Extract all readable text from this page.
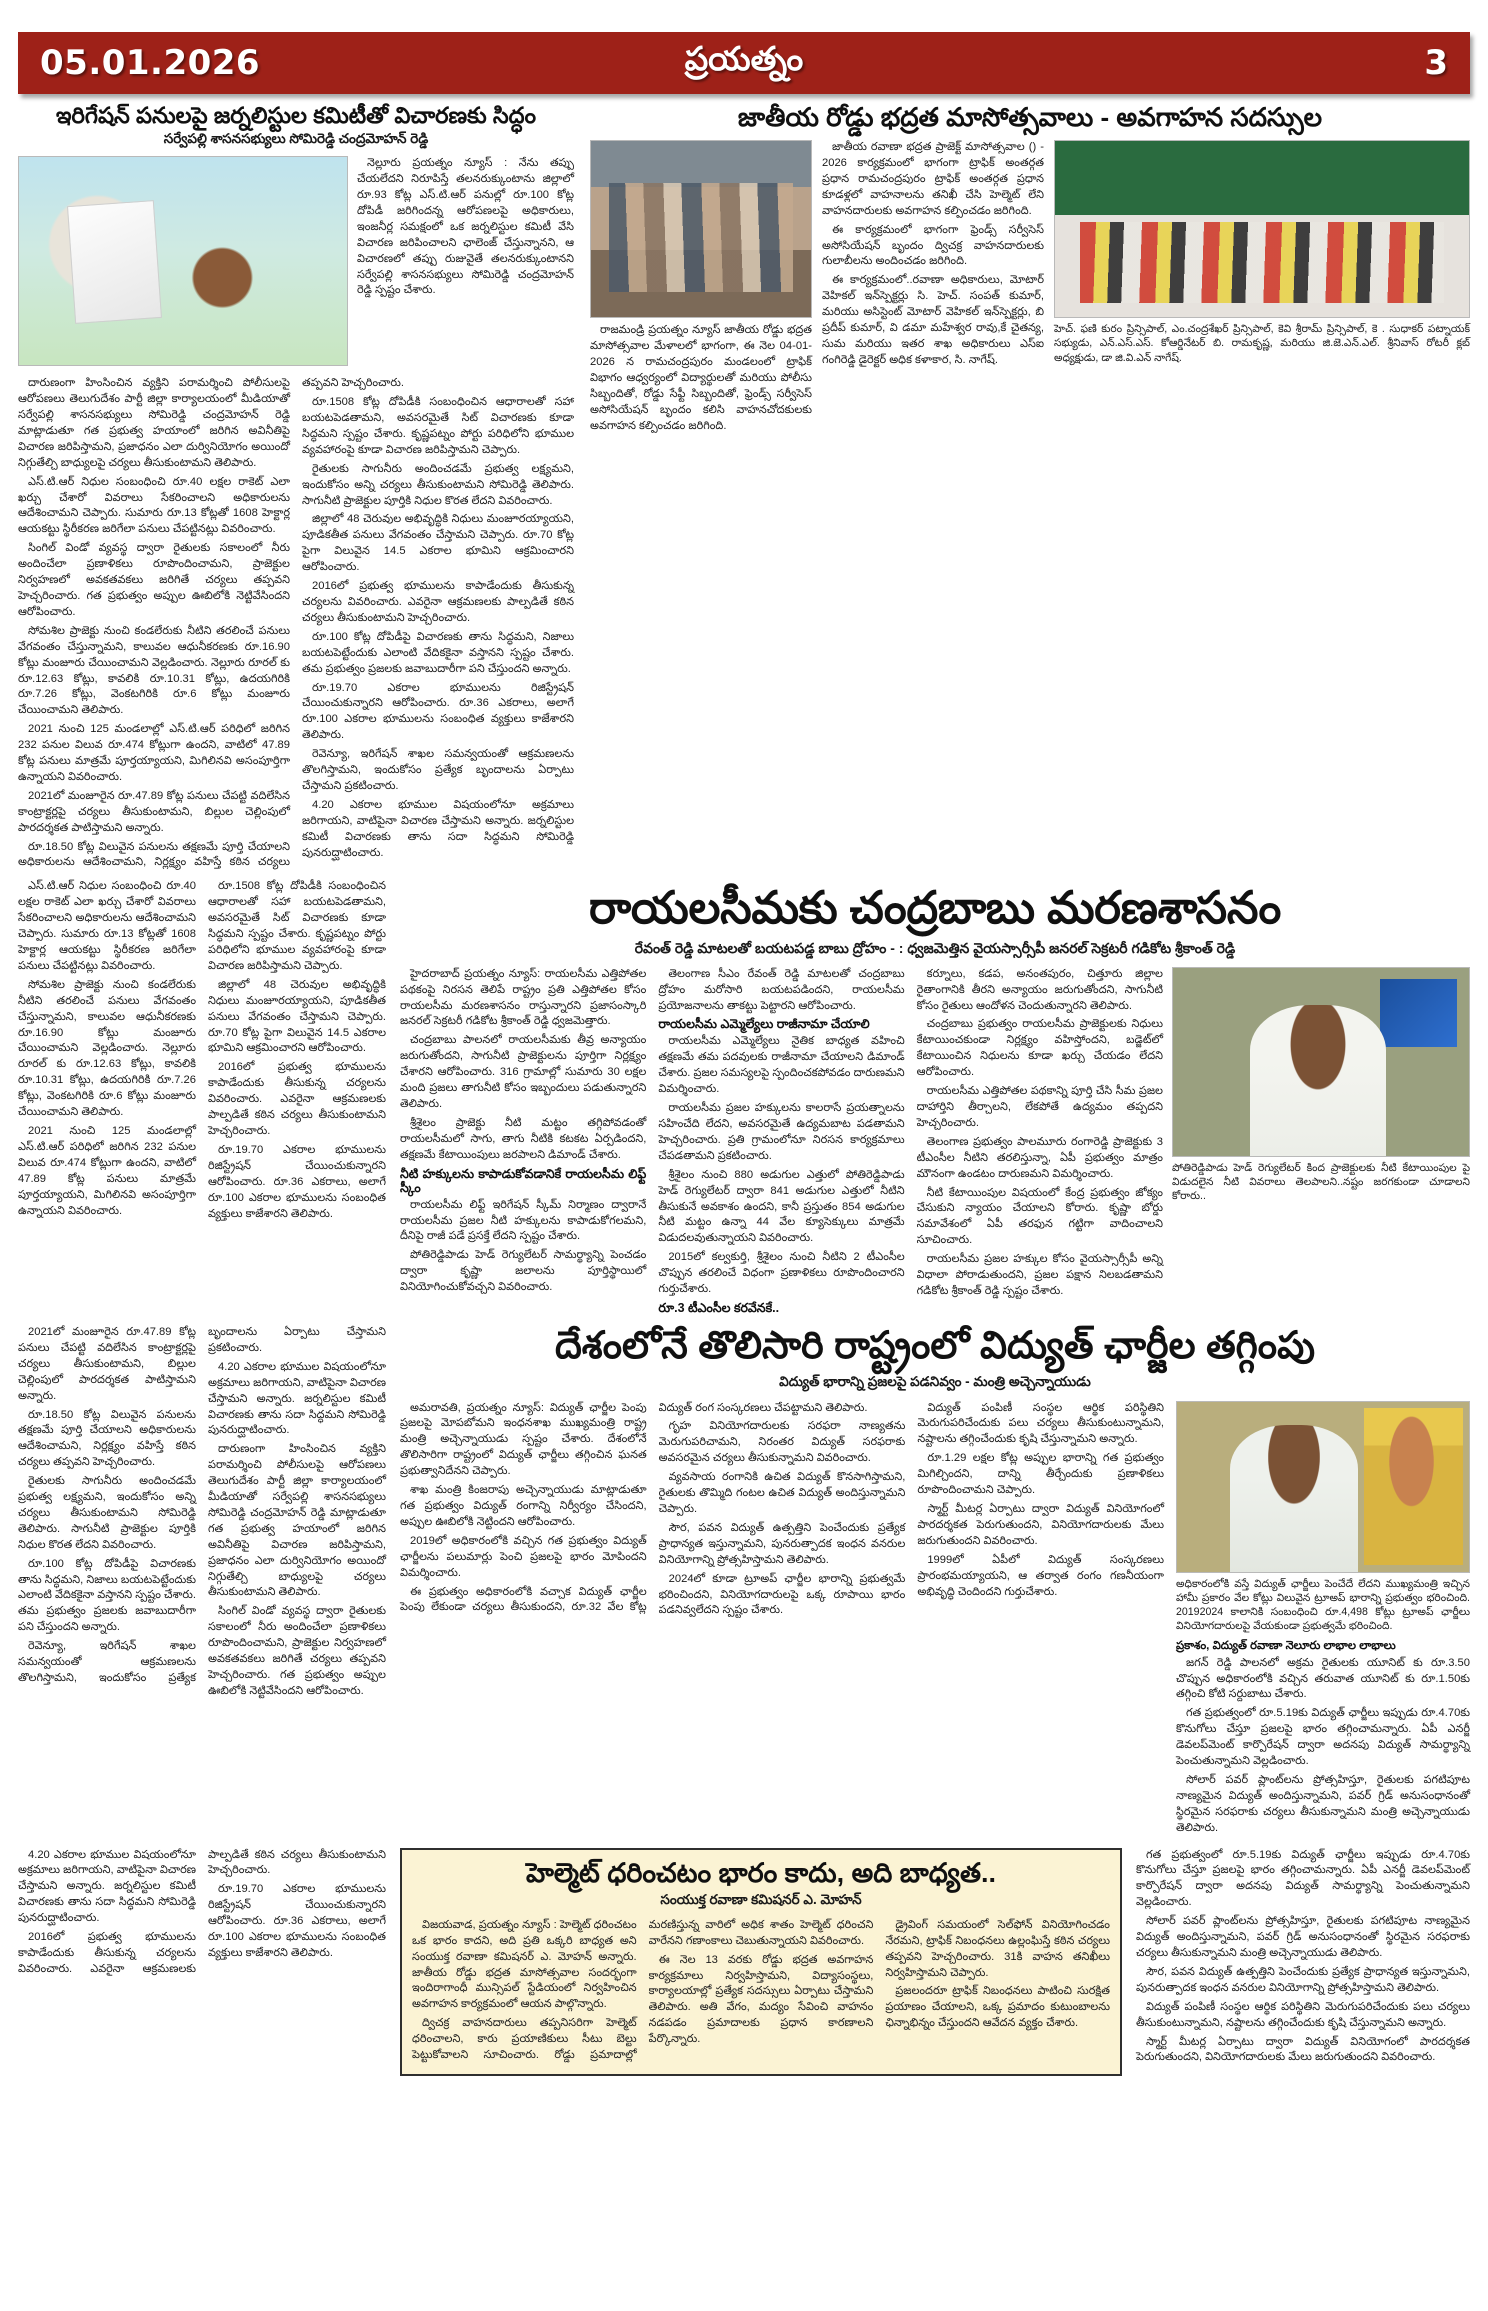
05.01.2026	ప్రయత్నం	3
ఇరిగేషన్ పనులపై జర్నలిస్టుల కమిటీతో విచారణకు సిద్ధం
సర్వేపల్లి శాసనసభ్యులు సోమిరెడ్డి చంద్రమోహన్ రెడ్డి

నెల్లూరు ప్రయత్నం న్యూస్ : నేను తప్పు చేయలేదని నిరూపిస్తే తలనరుక్కుంటాను జిల్లాలో రూ.93 కోట్ల ఎస్.టి.ఆర్ పనుల్లో రూ.100 కోట్ల దోపిడీ జరిగిందన్న ఆరోపణలపై అధికారులు, ఇంజనీర్ల సమక్షంలో ఒక జర్నలిస్టుల కమిటీ వేసి విచారణ జరిపించాలని ఛాలెంజ్ చేస్తున్నానని, ఆ విచారణలో తప్పు రుజువైతే తలనరుక్కుంటానని సర్వేపల్లి శాసనసభ్యులు సోమిరెడ్డి చంద్రమోహన్ రెడ్డి స్పష్టం చేశారు.

దారుణంగా హింసించిన వ్యక్తిని పరామర్శించి పోలీసులపై ఆరోపణలు తెలుగుదేశం పార్టీ జిల్లా కార్యాలయంలో మీడియాతో సర్వేపల్లి శాసనసభ్యులు సోమిరెడ్డి చంద్రమోహన్ రెడ్డి మాట్లాడుతూ గత ప్రభుత్వ హయాంలో జరిగిన అవినీతిపై విచారణ జరిపిస్తామని, ప్రజాధనం ఎలా దుర్వినియోగం అయిందో నిగ్గుతేల్చి బాధ్యులపై చర్యలు తీసుకుంటామని తెలిపారు.

ఎస్.టి.ఆర్ నిధుల సంబంధించి రూ.40 లక్షల రాకెట్ ఎలా ఖర్చు చేశారో వివరాలు సేకరించాలని అధికారులను ఆదేశించామని చెప్పారు. సుమారు రూ.13 కోట్లతో 1608 హెక్టార్ల ఆయకట్టు స్థిరీకరణ జరిగేలా పనులు చేపట్టినట్లు వివరించారు.

సింగిల్ విండో వ్యవస్థ ద్వారా రైతులకు సకాలంలో నీరు అందించేలా ప్రణాళికలు రూపొందించామని, ప్రాజెక్టుల నిర్వహణలో అవకతవకలు జరిగితే చర్యలు తప్పవని హెచ్చరించారు. గత ప్రభుత్వం అప్పుల ఊబిలోకి నెట్టివేసిందని ఆరోపించారు.

సోమశిల ప్రాజెక్టు నుంచి కండలేరుకు నీటిని తరలించే పనులు వేగవంతం చేస్తున్నామని, కాలువల ఆధునీకరణకు రూ.16.90 కోట్లు మంజూరు చేయించామని వెల్లడించారు. నెల్లూరు రూరల్ కు రూ.12.63 కోట్లు, కావలికి రూ.10.31 కోట్లు, ఉదయగిరికి రూ.7.26 కోట్లు, వెంకటగిరికి రూ.6 కోట్లు మంజూరు చేయించామని తెలిపారు.

2021 నుంచి 125 మండలాల్లో ఎస్.టి.ఆర్ పరిధిలో జరిగిన 232 పనుల విలువ రూ.474 కోట్లుగా ఉందని, వాటిలో 47.89 కోట్ల పనులు మాత్రమే పూర్తయ్యాయని, మిగిలినవి అసంపూర్తిగా ఉన్నాయని వివరించారు.

2021లో మంజూరైన రూ.47.89 కోట్ల పనులు చేపట్టి వదిలేసిన కాంట్రాక్టర్లపై చర్యలు తీసుకుంటామని, బిల్లుల చెల్లింపులో పారదర్శకత పాటిస్తామని అన్నారు.

రూ.18.50 కోట్ల విలువైన పనులను తక్షణమే పూర్తి చేయాలని అధికారులను ఆదేశించామని, నిర్లక్ష్యం వహిస్తే కఠిన చర్యలు తప్పవని హెచ్చరించారు.

రూ.1508 కోట్ల దోపిడీకి సంబంధించిన ఆధారాలతో సహా బయటపెడతామని, అవసరమైతే సిట్ విచారణకు కూడా సిద్ధమని స్పష్టం చేశారు. కృష్ణపట్నం పోర్టు పరిధిలోని భూముల వ్యవహారంపై కూడా విచారణ జరిపిస్తామని చెప్పారు.

రైతులకు సాగునీరు అందించడమే ప్రభుత్వ లక్ష్యమని, ఇందుకోసం అన్ని చర్యలు తీసుకుంటామని సోమిరెడ్డి తెలిపారు. సాగునీటి ప్రాజెక్టుల పూర్తికి నిధుల కొరత లేదని వివరించారు.

జిల్లాలో 48 చెరువుల అభివృద్ధికి నిధులు మంజూరయ్యాయని, పూడికతీత పనులు వేగవంతం చేస్తామని చెప్పారు. రూ.70 కోట్ల పైగా విలువైన 14.5 ఎకరాల భూమిని ఆక్రమించారని ఆరోపించారు.

2016లో ప్రభుత్వ భూములను కాపాడేందుకు తీసుకున్న చర్యలను వివరించారు. ఎవరైనా ఆక్రమణలకు పాల్పడితే కఠిన చర్యలు తీసుకుంటామని హెచ్చరించారు.

రూ.100 కోట్ల దోపిడీపై విచారణకు తాను సిద్ధమని, నిజాలు బయటపెట్టేందుకు ఎలాంటి వేదికకైనా వస్తానని స్పష్టం చేశారు. తమ ప్రభుత్వం ప్రజలకు జవాబుదారీగా పని చేస్తుందని అన్నారు.

రూ.19.70 ఎకరాల భూములను రిజిస్ట్రేషన్ చేయించుకున్నారని ఆరోపించారు. రూ.36 ఎకరాలు, అలాగే రూ.100 ఎకరాల భూములను సంబంధిత వ్యక్తులు కాజేశారని తెలిపారు.

రెవెన్యూ, ఇరిగేషన్ శాఖల సమన్వయంతో ఆక్రమణలను తొలగిస్తామని, ఇందుకోసం ప్రత్యేక బృందాలను ఏర్పాటు చేస్తామని ప్రకటించారు.

4.20 ఎకరాల భూముల విషయంలోనూ అక్రమాలు జరిగాయని, వాటిపైనా విచారణ చేస్తామని అన్నారు. జర్నలిస్టుల కమిటీ విచారణకు తాను సదా సిద్ధమని సోమిరెడ్డి పునరుద్ఘాటించారు.

జాతీయ రోడ్డు భద్రత మాసోత్సవాలు - అవగాహన సదస్సుల

రాజమండ్రి ప్రయత్నం న్యూస్ జాతీయ రోడ్డు భద్రత మాసోత్సవాల మేళాలలో భాగంగా, ఈ నెల 04-01-2026 న రామచంద్రపురం మండలంలో ట్రాఫిక్ విభాగం ఆధ్వర్యంలో విద్యార్థులతో మరియు పోలీసు సిబ్బందితో, రోడ్డు సేఫ్టీ సిబ్బందితో, ఫ్రెండ్స్ సర్వీసెస్ అసోసియేషన్ బృందం కలిసి వాహనచోదకులకు అవగాహన కల్పించడం జరిగింది.

జాతీయ రవాణా భద్రత ప్రాజెక్ట్ మాసోత్సవాల () - 2026 కార్యక్రమంలో భాగంగా ట్రాఫిక్ అంతర్గత ప్రధాన రామచంద్రపురం ట్రాఫిక్ అంతర్గత ప్రధాన కూడళ్లలో వాహనాలను తనిఖీ చేసి హెల్మెట్ లేని వాహనదారులకు అవగాహన కల్పించడం జరిగింది.

ఈ కార్యక్రమంలో భాగంగా ఫ్రెండ్స్ సర్వీసెస్ అసోసియేషన్ బృందం ద్విచక్ర వాహనదారులకు గులాబీలను అందించడం జరిగింది.

ఈ కార్యక్రమంలో..రవాణా అధికారులు, మోటార్ వెహికల్ ఇన్‌స్పెక్టర్లు సి. హెచ్. సంపత్ కుమార్, మరియు అసిస్టెంట్ మోటార్ వెహికల్ ఇన్‌స్పెక్టర్లు, బి ప్రదీప్ కుమార్, వి డమా మహేశ్వర రావు,కే చైతన్య, సుమ మరియు ఇతర శాఖ అధికారులు ఎస్ఐ గంగిరెడ్డి డైరెక్టర్ అధిక కళాకార, సి. నాగేష్.

హెచ్. ఫణి కురం ప్రిన్సిపాల్, ఎం.చంద్రశేఖర్ ప్రిన్సిపాల్, కెవి శ్రీరామ్ ప్రిన్సిపాల్, కె . సుధాకర్ పట్నాయక్ సభ్యుడు, ఎన్.ఎస్.ఎస్. కోఆర్డినేటర్ బి. రామకృష్ణ, మరియు జి.జె.ఎన్.ఎల్. శ్రీనివాస్ రోటరీ క్లబ్ అధ్యక్షుడు, డా జి.వి.ఎన్ నాగేష్.

ఎస్.టి.ఆర్ నిధుల సంబంధించి రూ.40 లక్షల రాకెట్ ఎలా ఖర్చు చేశారో వివరాలు సేకరించాలని అధికారులను ఆదేశించామని చెప్పారు. సుమారు రూ.13 కోట్లతో 1608 హెక్టార్ల ఆయకట్టు స్థిరీకరణ జరిగేలా పనులు చేపట్టినట్లు వివరించారు.

సోమశిల ప్రాజెక్టు నుంచి కండలేరుకు నీటిని తరలించే పనులు వేగవంతం చేస్తున్నామని, కాలువల ఆధునీకరణకు రూ.16.90 కోట్లు మంజూరు చేయించామని వెల్లడించారు. నెల్లూరు రూరల్ కు రూ.12.63 కోట్లు, కావలికి రూ.10.31 కోట్లు, ఉదయగిరికి రూ.7.26 కోట్లు, వెంకటగిరికి రూ.6 కోట్లు మంజూరు చేయించామని తెలిపారు.

2021 నుంచి 125 మండలాల్లో ఎస్.టి.ఆర్ పరిధిలో జరిగిన 232 పనుల విలువ రూ.474 కోట్లుగా ఉందని, వాటిలో 47.89 కోట్ల పనులు మాత్రమే పూర్తయ్యాయని, మిగిలినవి అసంపూర్తిగా ఉన్నాయని వివరించారు.

రూ.1508 కోట్ల దోపిడీకి సంబంధించిన ఆధారాలతో సహా బయటపెడతామని, అవసరమైతే సిట్ విచారణకు కూడా సిద్ధమని స్పష్టం చేశారు. కృష్ణపట్నం పోర్టు పరిధిలోని భూముల వ్యవహారంపై కూడా విచారణ జరిపిస్తామని చెప్పారు.

జిల్లాలో 48 చెరువుల అభివృద్ధికి నిధులు మంజూరయ్యాయని, పూడికతీత పనులు వేగవంతం చేస్తామని చెప్పారు. రూ.70 కోట్ల పైగా విలువైన 14.5 ఎకరాల భూమిని ఆక్రమించారని ఆరోపించారు.

2016లో ప్రభుత్వ భూములను కాపాడేందుకు తీసుకున్న చర్యలను వివరించారు. ఎవరైనా ఆక్రమణలకు పాల్పడితే కఠిన చర్యలు తీసుకుంటామని హెచ్చరించారు.

రూ.19.70 ఎకరాల భూములను రిజిస్ట్రేషన్ చేయించుకున్నారని ఆరోపించారు. రూ.36 ఎకరాలు, అలాగే రూ.100 ఎకరాల భూములను సంబంధిత వ్యక్తులు కాజేశారని తెలిపారు.

రాయలసీమకు చంద్రబాబు మరణశాసనం
రేవంత్ రెడ్డి మాటలతో బయటపడ్డ బాబు ద్రోహం - : ధ్వజమెత్తిన వైయస్సార్సీపీ జనరల్ సెక్రటరీ గడికోట శ్రీకాంత్ రెడ్డి
పోతిరెడ్డిపాడు హెడ్ రెగ్యులేటర్ కింద ప్రాజెక్టులకు నీటి కేటాయింపుల పై విడుదలైన నీటి వివరాలు తెలపాలని..నష్టం జరగకుండా చూడాలని కోరారు..

హైదరాబాద్ ప్రయత్నం న్యూస్: రాయలసీమ ఎత్తిపోతల పథకంపై నిరసన తెలిపే రాష్ట్రం ప్రతి ఎత్తిపోతల కోసం రాయలసీమ మరణశాసనం రాస్తున్నారని ప్రజాసంస్కారి జనరల్ సెక్రటరీ గడికోట శ్రీకాంత్ రెడ్డి ధ్వజమెత్తారు.

చంద్రబాబు పాలనలో రాయలసీమకు తీవ్ర అన్యాయం జరుగుతోందని, సాగునీటి ప్రాజెక్టులను పూర్తిగా నిర్లక్ష్యం చేశారని ఆరోపించారు. 316 గ్రామాల్లో సుమారు 30 లక్షల మంది ప్రజలు తాగునీటి కోసం ఇబ్బందులు పడుతున్నారని తెలిపారు.

శ్రీశైలం ప్రాజెక్టు నీటి మట్టం తగ్గిపోవడంతో రాయలసీమలో సాగు, తాగు నీటికి కటకట ఏర్పడిందని, తక్షణమే కేటాయింపులు జరపాలని డిమాండ్ చేశారు.

నీటి హక్కులను కాపాడుకోవడానికే రాయలసీమ లిఫ్ట్ స్కీం

రాయలసీమ లిఫ్ట్ ఇరిగేషన్ స్కీమ్ నిర్మాణం ద్వారానే రాయలసీమ ప్రజల నీటి హక్కులను కాపాడుకోగలమని, దీనిపై రాజీ పడే ప్రసక్తే లేదని స్పష్టం చేశారు.

పోతిరెడ్డిపాడు హెడ్ రెగ్యులేటర్ సామర్థ్యాన్ని పెంచడం ద్వారా కృష్ణా జలాలను పూర్తిస్థాయిలో వినియోగించుకోవచ్చని వివరించారు.

తెలంగాణ సీఎం రేవంత్ రెడ్డి మాటలతో చంద్రబాబు ద్రోహం మరోసారి బయటపడిందని, రాయలసీమ ప్రయోజనాలను తాకట్టు పెట్టారని ఆరోపించారు.

రాయలసీమ ఎమ్మెల్యేలు రాజీనామా చేయాలి

రాయలసీమ ఎమ్మెల్యేలు నైతిక బాధ్యత వహించి తక్షణమే తమ పదవులకు రాజీనామా చేయాలని డిమాండ్ చేశారు. ప్రజల సమస్యలపై స్పందించకపోవడం దారుణమని విమర్శించారు.

రాయలసీమ ప్రజల హక్కులను కాలరాసే ప్రయత్నాలను సహించేది లేదని, అవసరమైతే ఉద్యమబాట పడతామని హెచ్చరించారు. ప్రతి గ్రామంలోనూ నిరసన కార్యక్రమాలు చేపడతామని ప్రకటించారు.

శ్రీశైలం నుంచి 880 అడుగుల ఎత్తులో పోతిరెడ్డిపాడు హెడ్ రెగ్యులేటర్ ద్వారా 841 అడుగుల ఎత్తులో నీటిని తీసుకునే అవకాశం ఉందని, కానీ ప్రస్తుతం 854 అడుగుల నీటి మట్టం ఉన్నా 44 వేల క్యూసెక్కులు మాత్రమే విడుదలవుతున్నాయని వివరించారు.

2015లో కల్వకుర్తి, శ్రీశైలం నుంచి నీటిని 2 టీఎంసీల చొప్పున తరలించే విధంగా ప్రణాళికలు రూపొందించారని గుర్తుచేశారు.

రూ.3 టీఎంసీల కరవేనకే..

కర్నూలు, కడప, అనంతపురం, చిత్తూరు జిల్లాల రైతాంగానికి తీరని అన్యాయం జరుగుతోందని, సాగునీటి కోసం రైతులు ఆందోళన చెందుతున్నారని తెలిపారు.

చంద్రబాబు ప్రభుత్వం రాయలసీమ ప్రాజెక్టులకు నిధులు కేటాయించకుండా నిర్లక్ష్యం వహిస్తోందని, బడ్జెట్‌లో కేటాయించిన నిధులను కూడా ఖర్చు చేయడం లేదని ఆరోపించారు.

రాయలసీమ ఎత్తిపోతల పథకాన్ని పూర్తి చేసి సీమ ప్రజల దాహార్తిని తీర్చాలని, లేకపోతే ఉద్యమం తప్పదని హెచ్చరించారు.

తెలంగాణ ప్రభుత్వం పాలమూరు రంగారెడ్డి ప్రాజెక్టుకు 3 టీఎంసీల నీటిని తరలిస్తున్నా, ఏపీ ప్రభుత్వం మాత్రం మౌనంగా ఉండటం దారుణమని విమర్శించారు.

నీటి కేటాయింపుల విషయంలో కేంద్ర ప్రభుత్వం జోక్యం చేసుకుని న్యాయం చేయాలని కోరారు. కృష్ణా బోర్డు సమావేశంలో ఏపీ తరఫున గట్టిగా వాదించాలని సూచించారు.

రాయలసీమ ప్రజల హక్కుల కోసం వైయస్సార్సీపీ అన్ని విధాలా పోరాడుతుందని, ప్రజల పక్షాన నిలబడతామని గడికోట శ్రీకాంత్ రెడ్డి స్పష్టం చేశారు.

2021లో మంజూరైన రూ.47.89 కోట్ల పనులు చేపట్టి వదిలేసిన కాంట్రాక్టర్లపై చర్యలు తీసుకుంటామని, బిల్లుల చెల్లింపులో పారదర్శకత పాటిస్తామని అన్నారు.

రూ.18.50 కోట్ల విలువైన పనులను తక్షణమే పూర్తి చేయాలని అధికారులను ఆదేశించామని, నిర్లక్ష్యం వహిస్తే కఠిన చర్యలు తప్పవని హెచ్చరించారు.

రైతులకు సాగునీరు అందించడమే ప్రభుత్వ లక్ష్యమని, ఇందుకోసం అన్ని చర్యలు తీసుకుంటామని సోమిరెడ్డి తెలిపారు. సాగునీటి ప్రాజెక్టుల పూర్తికి నిధుల కొరత లేదని వివరించారు.

రూ.100 కోట్ల దోపిడీపై విచారణకు తాను సిద్ధమని, నిజాలు బయటపెట్టేందుకు ఎలాంటి వేదికకైనా వస్తానని స్పష్టం చేశారు. తమ ప్రభుత్వం ప్రజలకు జవాబుదారీగా పని చేస్తుందని అన్నారు.

రెవెన్యూ, ఇరిగేషన్ శాఖల సమన్వయంతో ఆక్రమణలను తొలగిస్తామని, ఇందుకోసం ప్రత్యేక బృందాలను ఏర్పాటు చేస్తామని ప్రకటించారు.

4.20 ఎకరాల భూముల విషయంలోనూ అక్రమాలు జరిగాయని, వాటిపైనా విచారణ చేస్తామని అన్నారు. జర్నలిస్టుల కమిటీ విచారణకు తాను సదా సిద్ధమని సోమిరెడ్డి పునరుద్ఘాటించారు.

దారుణంగా హింసించిన వ్యక్తిని పరామర్శించి పోలీసులపై ఆరోపణలు తెలుగుదేశం పార్టీ జిల్లా కార్యాలయంలో మీడియాతో సర్వేపల్లి శాసనసభ్యులు సోమిరెడ్డి చంద్రమోహన్ రెడ్డి మాట్లాడుతూ గత ప్రభుత్వ హయాంలో జరిగిన అవినీతిపై విచారణ జరిపిస్తామని, ప్రజాధనం ఎలా దుర్వినియోగం అయిందో నిగ్గుతేల్చి బాధ్యులపై చర్యలు తీసుకుంటామని తెలిపారు.

సింగిల్ విండో వ్యవస్థ ద్వారా రైతులకు సకాలంలో నీరు అందించేలా ప్రణాళికలు రూపొందించామని, ప్రాజెక్టుల నిర్వహణలో అవకతవకలు జరిగితే చర్యలు తప్పవని హెచ్చరించారు. గత ప్రభుత్వం అప్పుల ఊబిలోకి నెట్టివేసిందని ఆరోపించారు.

దేశంలోనే తొలిసారి రాష్ట్రంలో విద్యుత్ ఛార్జీల తగ్గింపు
విద్యుత్ భారాన్ని ప్రజలపై పడనివ్వం - మంత్రి అచ్చెన్నాయుడు

అమరావతి, ప్రయత్నం న్యూస్: విద్యుత్ ఛార్జీల పెంపు ప్రజలపై మోపబోమని ఇంధనశాఖ ముఖ్యమంత్రి రాష్ట్ర మంత్రి అచ్చెన్నాయుడు స్పష్టం చేశారు. దేశంలోనే తొలిసారిగా రాష్ట్రంలో విద్యుత్ ఛార్జీలు తగ్గించిన ఘనత ప్రభుత్వానిదేనని చెప్పారు.

శాఖ మంత్రి కింజరాపు అచ్చెన్నాయుడు మాట్లాడుతూ గత ప్రభుత్వం విద్యుత్ రంగాన్ని నిర్వీర్యం చేసిందని, అప్పుల ఊబిలోకి నెట్టిందని ఆరోపించారు.

2019లో అధికారంలోకి వచ్చిన గత ప్రభుత్వం విద్యుత్ ఛార్జీలను పలుమార్లు పెంచి ప్రజలపై భారం మోపిందని విమర్శించారు.

ఈ ప్రభుత్వం అధికారంలోకి వచ్చాక విద్యుత్ ఛార్జీల పెంపు లేకుండా చర్యలు తీసుకుందని, రూ.32 వేల కోట్ల విద్యుత్ రంగ సంస్కరణలు చేపట్టామని తెలిపారు.

గృహ వినియోగదారులకు సరఫరా నాణ్యతను మెరుగుపరిచామని, నిరంతర విద్యుత్ సరఫరాకు అవసరమైన చర్యలు తీసుకున్నామని వివరించారు.

వ్యవసాయ రంగానికి ఉచిత విద్యుత్ కొనసాగిస్తామని, రైతులకు తొమ్మిది గంటల ఉచిత విద్యుత్ అందిస్తున్నామని చెప్పారు.

సౌర, పవన విద్యుత్ ఉత్పత్తిని పెంచేందుకు ప్రత్యేక ప్రాధాన్యత ఇస్తున్నామని, పునరుత్పాదక ఇంధన వనరుల వినియోగాన్ని ప్రోత్సహిస్తామని తెలిపారు.

2024లో కూడా ట్రూఅప్ ఛార్జీల భారాన్ని ప్రభుత్వమే భరించిందని, వినియోగదారులపై ఒక్క రూపాయి భారం పడనివ్వలేదని స్పష్టం చేశారు.

విద్యుత్ పంపిణీ సంస్థల ఆర్థిక పరిస్థితిని మెరుగుపరిచేందుకు పలు చర్యలు తీసుకుంటున్నామని, నష్టాలను తగ్గించేందుకు కృషి చేస్తున్నామని అన్నారు.

రూ.1.29 లక్షల కోట్ల అప్పుల భారాన్ని గత ప్రభుత్వం మిగిల్చిందని, దాన్ని తీర్చేందుకు ప్రణాళికలు రూపొందించామని చెప్పారు.

స్మార్ట్ మీటర్ల ఏర్పాటు ద్వారా విద్యుత్ వినియోగంలో పారదర్శకత పెరుగుతుందని, వినియోగదారులకు మేలు జరుగుతుందని వివరించారు.

1999లో ఏపీలో విద్యుత్ సంస్కరణలు ప్రారంభమయ్యాయని, ఆ తర్వాత రంగం గణనీయంగా అభివృద్ధి చెందిందని గుర్తుచేశారు.

అధికారంలోకి వస్తే విద్యుత్ ఛార్జీలు పెంచేదే లేదని ముఖ్యమంత్రి ఇచ్చిన హామీ ప్రకారం వేల కోట్లు విలువైన ట్రూఅప్ భారాన్ని ప్రభుత్వం భరించింది. 20192024 కాలానికి సంబంధించి రూ.4,498 కోట్లు ట్రూఅప్ ఛార్జీలు వినియోగదారులపై వేయకుండా ప్రభుత్వమే భరించింది.

ప్రకాశం, విద్యుత్ రవాణా నెలూరు లాభాల లాభాలు

జగన్ రెడ్డి పాలనలో అక్రమ రైతులకు యూనిట్ కు రూ.3.50 చొప్పున అధికారంలోకి వచ్చిన తరువాత యూనిట్ కు రూ.1.50కు తగ్గించి కోటి సర్దుబాటు చేశారు.

గత ప్రభుత్వంలో రూ.5.19కు విద్యుత్ ఛార్జీలు ఇప్పుడు రూ.4.70కు కొనుగోలు చేస్తూ ప్రజలపై భారం తగ్గించామన్నారు. ఏపీ ఎనర్జీ డెవలప్‌మెంట్ కార్పొరేషన్ ద్వారా అదనపు విద్యుత్ సామర్థ్యాన్ని పెంచుతున్నామని వెల్లడించారు.

సోలార్ పవర్ ప్లాంట్‌లను ప్రోత్సహిస్తూ, రైతులకు పగటిపూట నాణ్యమైన విద్యుత్ అందిస్తున్నామని, పవర్ గ్రిడ్ అనుసంధానంతో స్థిరమైన సరఫరాకు చర్యలు తీసుకున్నామని మంత్రి అచ్చెన్నాయుడు తెలిపారు.

4.20 ఎకరాల భూముల విషయంలోనూ అక్రమాలు జరిగాయని, వాటిపైనా విచారణ చేస్తామని అన్నారు. జర్నలిస్టుల కమిటీ విచారణకు తాను సదా సిద్ధమని సోమిరెడ్డి పునరుద్ఘాటించారు.

2016లో ప్రభుత్వ భూములను కాపాడేందుకు తీసుకున్న చర్యలను వివరించారు. ఎవరైనా ఆక్రమణలకు పాల్పడితే కఠిన చర్యలు తీసుకుంటామని హెచ్చరించారు.

రూ.19.70 ఎకరాల భూములను రిజిస్ట్రేషన్ చేయించుకున్నారని ఆరోపించారు. రూ.36 ఎకరాలు, అలాగే రూ.100 ఎకరాల భూములను సంబంధిత వ్యక్తులు కాజేశారని తెలిపారు.

హెల్మెట్ ధరించటం భారం కాదు, అది బాధ్యత..
సంయుక్త రవాణా కమిషనర్ ఎ. మోహన్

విజయవాడ, ప్రయత్నం న్యూస్ : హెల్మెట్ ధరించటం ఒక భారం కాదని, అది ప్రతి ఒక్కరి బాధ్యత అని సంయుక్త రవాణా కమిషనర్ ఎ. మోహన్ అన్నారు. జాతీయ రోడ్డు భద్రత మాసోత్సవాల సందర్భంగా ఇందిరాగాంధీ మున్సిపల్ స్టేడియంలో నిర్వహించిన అవగాహన కార్యక్రమంలో ఆయన పాల్గొన్నారు.

ద్విచక్ర వాహనదారులు తప్పనిసరిగా హెల్మెట్ ధరించాలని, కారు ప్రయాణికులు సీటు బెల్టు పెట్టుకోవాలని సూచించారు. రోడ్డు ప్రమాదాల్లో మరణిస్తున్న వారిలో అధిక శాతం హెల్మెట్ ధరించని వారేనని గణాంకాలు చెబుతున్నాయని వివరించారు.

ఈ నెల 13 వరకు రోడ్డు భద్రత అవగాహన కార్యక్రమాలు నిర్వహిస్తామని, విద్యాసంస్థలు, కార్యాలయాల్లో ప్రత్యేక సదస్సులు ఏర్పాటు చేస్తామని తెలిపారు. అతి వేగం, మద్యం సేవించి వాహనం నడపడం ప్రమాదాలకు ప్రధాన కారణాలని పేర్కొన్నారు.

డ్రైవింగ్ సమయంలో సెల్‌ఫోన్ వినియోగించడం నేరమని, ట్రాఫిక్ నిబంధనలు ఉల్లంఘిస్తే కఠిన చర్యలు తప్పవని హెచ్చరించారు. 31కి వాహన తనిఖీలు నిర్వహిస్తామని చెప్పారు.

ప్రజలందరూ ట్రాఫిక్ నిబంధనలు పాటించి సురక్షిత ప్రయాణం చేయాలని, ఒక్క ప్రమాదం కుటుంబాలను ఛిన్నాభిన్నం చేస్తుందని ఆవేదన వ్యక్తం చేశారు.

గత ప్రభుత్వంలో రూ.5.19కు విద్యుత్ ఛార్జీలు ఇప్పుడు రూ.4.70కు కొనుగోలు చేస్తూ ప్రజలపై భారం తగ్గించామన్నారు. ఏపీ ఎనర్జీ డెవలప్‌మెంట్ కార్పొరేషన్ ద్వారా అదనపు విద్యుత్ సామర్థ్యాన్ని పెంచుతున్నామని వెల్లడించారు.

సోలార్ పవర్ ప్లాంట్‌లను ప్రోత్సహిస్తూ, రైతులకు పగటిపూట నాణ్యమైన విద్యుత్ అందిస్తున్నామని, పవర్ గ్రిడ్ అనుసంధానంతో స్థిరమైన సరఫరాకు చర్యలు తీసుకున్నామని మంత్రి అచ్చెన్నాయుడు తెలిపారు.

సౌర, పవన విద్యుత్ ఉత్పత్తిని పెంచేందుకు ప్రత్యేక ప్రాధాన్యత ఇస్తున్నామని, పునరుత్పాదక ఇంధన వనరుల వినియోగాన్ని ప్రోత్సహిస్తామని తెలిపారు.

విద్యుత్ పంపిణీ సంస్థల ఆర్థిక పరిస్థితిని మెరుగుపరిచేందుకు పలు చర్యలు తీసుకుంటున్నామని, నష్టాలను తగ్గించేందుకు కృషి చేస్తున్నామని అన్నారు.

స్మార్ట్ మీటర్ల ఏర్పాటు ద్వారా విద్యుత్ వినియోగంలో పారదర్శకత పెరుగుతుందని, వినియోగదారులకు మేలు జరుగుతుందని వివరించారు.
